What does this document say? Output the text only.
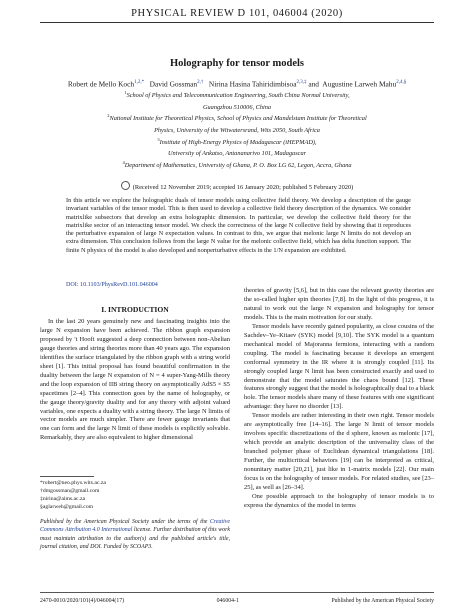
PHYSICAL REVIEW D 101, 046004 (2020)
Holography for tensor models
Robert de Mello Koch$^{1,2,*}$ David Gossman$^{2,\dagger}$ Nirina Hasina Tahiridimbisoa$^{2,3,\ddagger}$ and  Augustine Larweh Mahu$^{2,4,\S}$
$^1$School of Physics and Telecommunication Engineering, South China Normal University,
Guangzhou 510006, China
$^2$National Institute for Theoretical Physics, School of Physics and Mandelstam Institute for Theoretical
Physics, University of the Witwatersrand, Wits 2050, South Africa
$^3$Institute of High-Energy Physics of Madagascar (iHEPMAD),
University of Ankatso, Antananarivo 101, Madagascar
$^4$Department of Mathematics, University of Ghana, P. O. Box LG 62, Legon, Accra, Ghana
(Received 12 November 2019; accepted 16 January 2020; published 5 February 2020)
In this article we explore the holographic duals of tensor models using collective field theory. We develop a description of the gauge invariant variables of the tensor model. This is then used to develop a collective field theory description of the dynamics. We consider matrixlike subsectors that develop an extra holographic dimension. In particular, we develop the collective field theory for the matrixlike sector of an interacting tensor model. We check the correctness of the large N collective field by showing that it reproduces the perturbative expansion of large N expectation values. In contrast to this, we argue that melonic large N limits do not develop an extra dimension. This conclusion follows from the large N value for the melonic collective field, which has delta function support. The finite N physics of the model is also developed and nonperturbative effects in the 1/N expansion are exhibited.
DOI: 10.1103/PhysRevD.101.046004
I. INTRODUCTION

In the last 20 years genuinely new and fascinating insights into the large N expansion have been achieved. The ribbon graph expansion proposed by 't Hooft suggested a deep connection between non-Abelian gauge theories and string theories more than 40 years ago. The expansion identifies the surface triangulated by the ribbon graph with a string world sheet [1]. This initial proposal has found beautiful confirmation in the duality between the large N expansion of N = 4 super-Yang-Mills theory and the loop expansion of IIB string theory on asymptotically AdS5 × S5 spacetimes [2–4]. This connection goes by the name of holography, or the gauge theory/gravity duality and for any theory with adjoint valued variables, one expects a duality with a string theory. The large N limits of vector models are much simpler. There are fewer gauge invariants that one can form and the large N limit of these models is explicitly solvable. Remarkably, they are also equivalent to higher dimensional

theories of gravity [5,6], but in this case the relevant gravity theories are the so-called higher spin theories [7,8]. In the light of this progress, it is natural to work out the large N expansion and holography for tensor models. This is the main motivation for our study.

Tensor models have recently gained popularity, as close cousins of the Sachdev–Ye–Kitaev (SYK) model [9,10]. The SYK model is a quantum mechanical model of Majoranna fermions, interacting with a random coupling. The model is fascinating because it develops an emergent conformal symmetry in the IR where it is strongly coupled [11]. Its strongly coupled large N limit has been constructed exactly and used to demonstrate that the model saturates the chaos bound [12]. These features strongly suggest that the model is holographically dual to a black hole. The tensor models share many of these features with one significant advantage: they have no disorder [13].

Tensor models are rather interesting in their own right. Tensor models are asymptotically free [14–16]. The large N limit of tensor models involves specific discretizations of the d sphere, known as melonic [17], which provide an analytic description of the universality class of the branched polymer phase of Euclidean dynamical triangulations [18]. Further, the multicritical behaviors [19] can be interpreted as critical, nonunitary matter [20,21], just like in 1-matrix models [22]. Our main focus is on the holography of tensor models. For related studies, see [23–25], as well as [26–34].

One possible approach to the holography of tensor models is to express the dynamics of the model in terms

*robert@neo.phys.wits.ac.za
†dmgossman@gmail.com
‡nirina@aims.ac.za
§aglarweh@gmail.com
Published by the American Physical Society under the terms of the Creative Commons Attribution 4.0 International license. Further distribution of this work must maintain attribution to the author(s) and the published article's title, journal citation, and DOI. Funded by SCOAP3.
2470-0010/2020/101(4)/046004(17)	046004-1	Published by the American Physical Society
